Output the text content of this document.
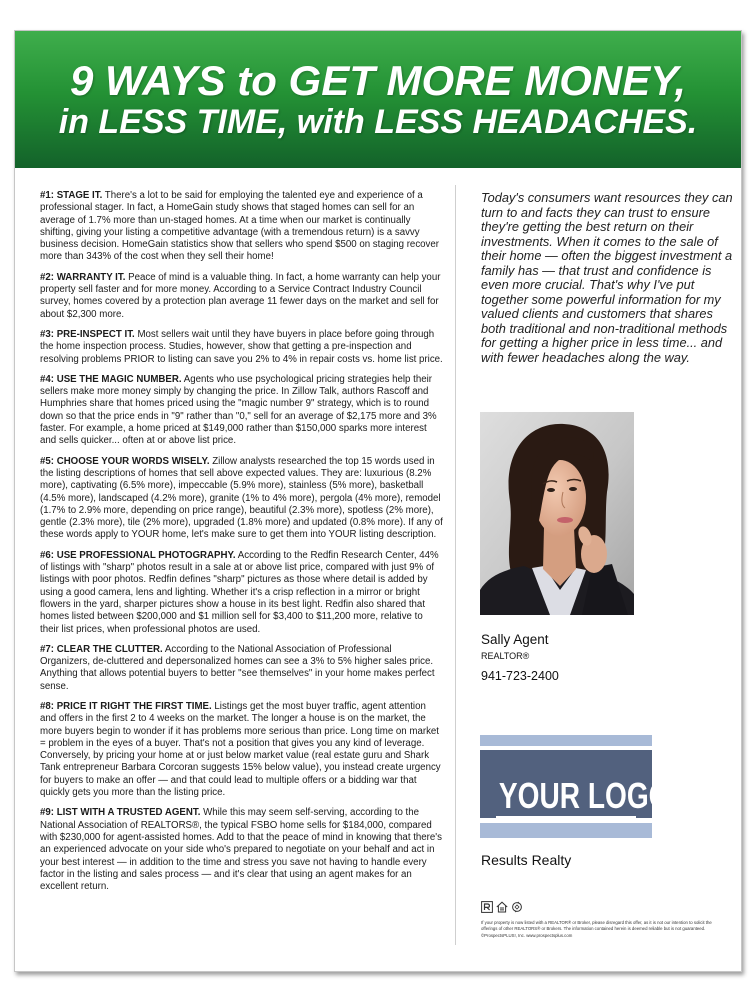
9 WAYS to GET MORE MONEY,
in LESS TIME, with LESS HEADACHES.

#1: STAGE IT. There's a lot to be said for employing the talented eye and experience of a professional stager. In fact, a HomeGain study shows that staged homes can sell for an average of 1.7% more than un-staged homes. At a time when our market is continually shifting, giving your listing a competitive advantage (with a tremendous return) is a savvy business decision. HomeGain statistics show that sellers who spend $500 on staging recover more than 343% of the cost when they sell their home!

#2: WARRANTY IT. Peace of mind is a valuable thing. In fact, a home warranty can help your property sell faster and for more money. According to a Service Contract Industry Council survey, homes covered by a protection plan average 11 fewer days on the market and sell for about $2,300 more.

#3: PRE-INSPECT IT. Most sellers wait until they have buyers in place before going through the home inspection process. Studies, however, show that getting a pre-inspection and resolving problems PRIOR to listing can save you 2% to 4% in repair costs vs. home list price.

#4: USE THE MAGIC NUMBER. Agents who use psychological pricing strategies help their sellers make more money simply by changing the price. In Zillow Talk, authors Rascoff and Humphries share that homes priced using the "magic number 9" strategy, which is to round down so that the price ends in "9" rather than "0," sell for an average of $2,175 more and 3% faster. For example, a home priced at $149,000 rather than $150,000 sparks more interest and sells quicker... often at or above list price.

#5: CHOOSE YOUR WORDS WISELY. Zillow analysts researched the top 15 words used in the listing descriptions of homes that sell above expected values. They are: luxurious (8.2% more), captivating (6.5% more), impeccable (5.9% more), stainless (5% more), basketball (4.5% more), landscaped (4.2% more), granite (1% to 4% more), pergola (4% more), remodel (1.7% to 2.9% more, depending on price range), beautiful (2.3% more), spotless (2% more), gentle (2.3% more), tile (2% more), upgraded (1.8% more) and updated (0.8% more). If any of these words apply to YOUR home, let's make sure to get them into YOUR listing description.

#6: USE PROFESSIONAL PHOTOGRAPHY. According to the Redfin Research Center, 44% of listings with "sharp" photos result in a sale at or above list price, compared with just 9% of listings with poor photos. Redfin defines "sharp" pictures as those where detail is added by using a good camera, lens and lighting. Whether it's a crisp reflection in a mirror or bright flowers in the yard, sharper pictures show a house in its best light. Redfin also shared that homes listed between $200,000 and $1 million sell for $3,400 to $11,200 more, relative to their list prices, when professional photos are used.

#7: CLEAR THE CLUTTER. According to the National Association of Professional Organizers, de-cluttered and depersonalized homes can see a 3% to 5% higher sales price. Anything that allows potential buyers to better "see themselves" in your home makes perfect sense.

#8: PRICE IT RIGHT THE FIRST TIME. Listings get the most buyer traffic, agent attention and offers in the first 2 to 4 weeks on the market. The longer a house is on the market, the more buyers begin to wonder if it has problems more serious than price. Long time on market = problem in the eyes of a buyer. That's not a position that gives you any kind of leverage. Conversely, by pricing your home at or just below market value (real estate guru and Shark Tank entrepreneur Barbara Corcoran suggests 15% below value), you instead create urgency for buyers to make an offer — and that could lead to multiple offers or a bidding war that quickly gets you more than the listing price.

#9: LIST WITH A TRUSTED AGENT. While this may seem self-serving, according to the National Association of REALTORS®, the typical FSBO home sells for $184,000, compared with $230,000 for agent-assisted homes. Add to that the peace of mind in knowing that there's an experienced advocate on your side who's prepared to negotiate on your behalf and act in your best interest — in addition to the time and stress you save not having to handle every factor in the listing and sales process — and it's clear that using an agent makes for an excellent return.

Today's consumers want resources they can turn to and facts they can trust to ensure they're getting the best return on their investments. When it comes to the sale of their home — often the biggest investment a family has — that trust and confidence is even more crucial. That's why I've put together some powerful information for my valued clients and customers that shares both traditional and non-traditional methods for getting a higher price in less time... and with fewer headaches along the way.

Sally Agent
REALTOR®
941-723-2400
YOUR LOGO
Results Realty

If your property is now listed with a REALTOR® or Broker, please disregard this offer, as it is not our intention to solicit the offerings of other REALTORS® or Brokers. The information contained herein is deemed reliable but is not guaranteed. ©ProspectsPLUS!, Inc. www.prospectsplus.com
